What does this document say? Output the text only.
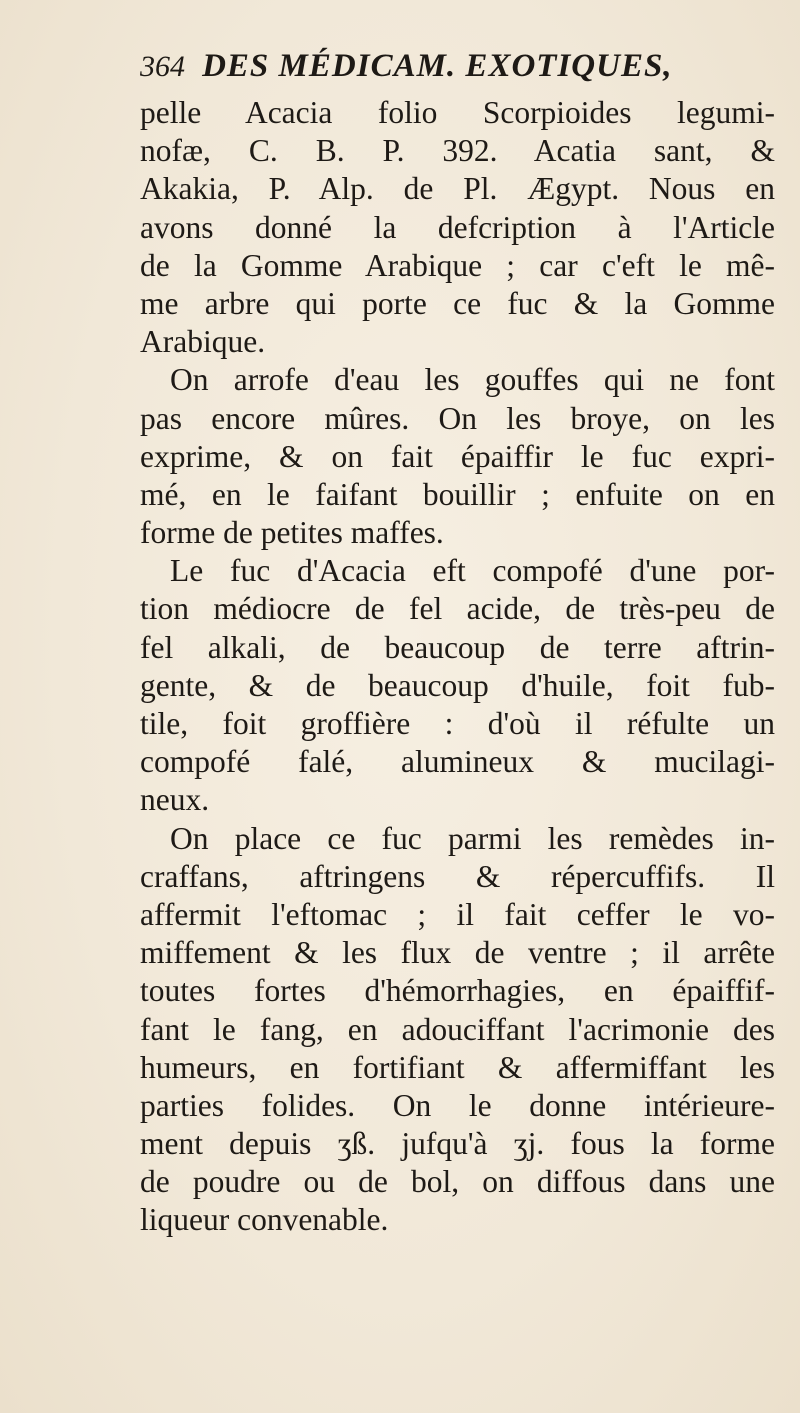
364 DES MÉDICAM. EXOTIQUES,
pelle Acacia folio Scorpioides legumi-
nofæ, C. B. P. 392. Acatia sant, &
Akakia, P. Alp. de Pl. Ægypt. Nous en
avons donné la defcription à l'Article
de la Gomme Arabique ; car c'eft le mê-
me arbre qui porte ce fuc & la Gomme
Arabique.
On arrofe d'eau les gouffes qui ne font
pas encore mûres. On les broye, on les
exprime, & on fait épaiffir le fuc expri-
mé, en le faifant bouillir ; enfuite on en
forme de petites maffes.
Le fuc d'Acacia eft compofé d'une por-
tion médiocre de fel acide, de très-peu de
fel alkali, de beaucoup de terre aftrin-
gente, & de beaucoup d'huile, foit fub-
tile, foit groffière : d'où il réfulte un
compofé falé, alumineux & mucilagi-
neux.
On place ce fuc parmi les remèdes in-
craffans, aftringens & répercuffifs. Il
affermit l'eftomac ; il fait ceffer le vo-
miffement & les flux de ventre ; il arrête
toutes fortes d'hémorrhagies, en épaiffif-
fant le fang, en adouciffant l'acrimonie des
humeurs, en fortifiant & affermiffant les
parties folides. On le donne intérieure-
ment depuis ʒß. jufqu'à ʒj. fous la forme
de poudre ou de bol, on diffous dans une
liqueur convenable.
